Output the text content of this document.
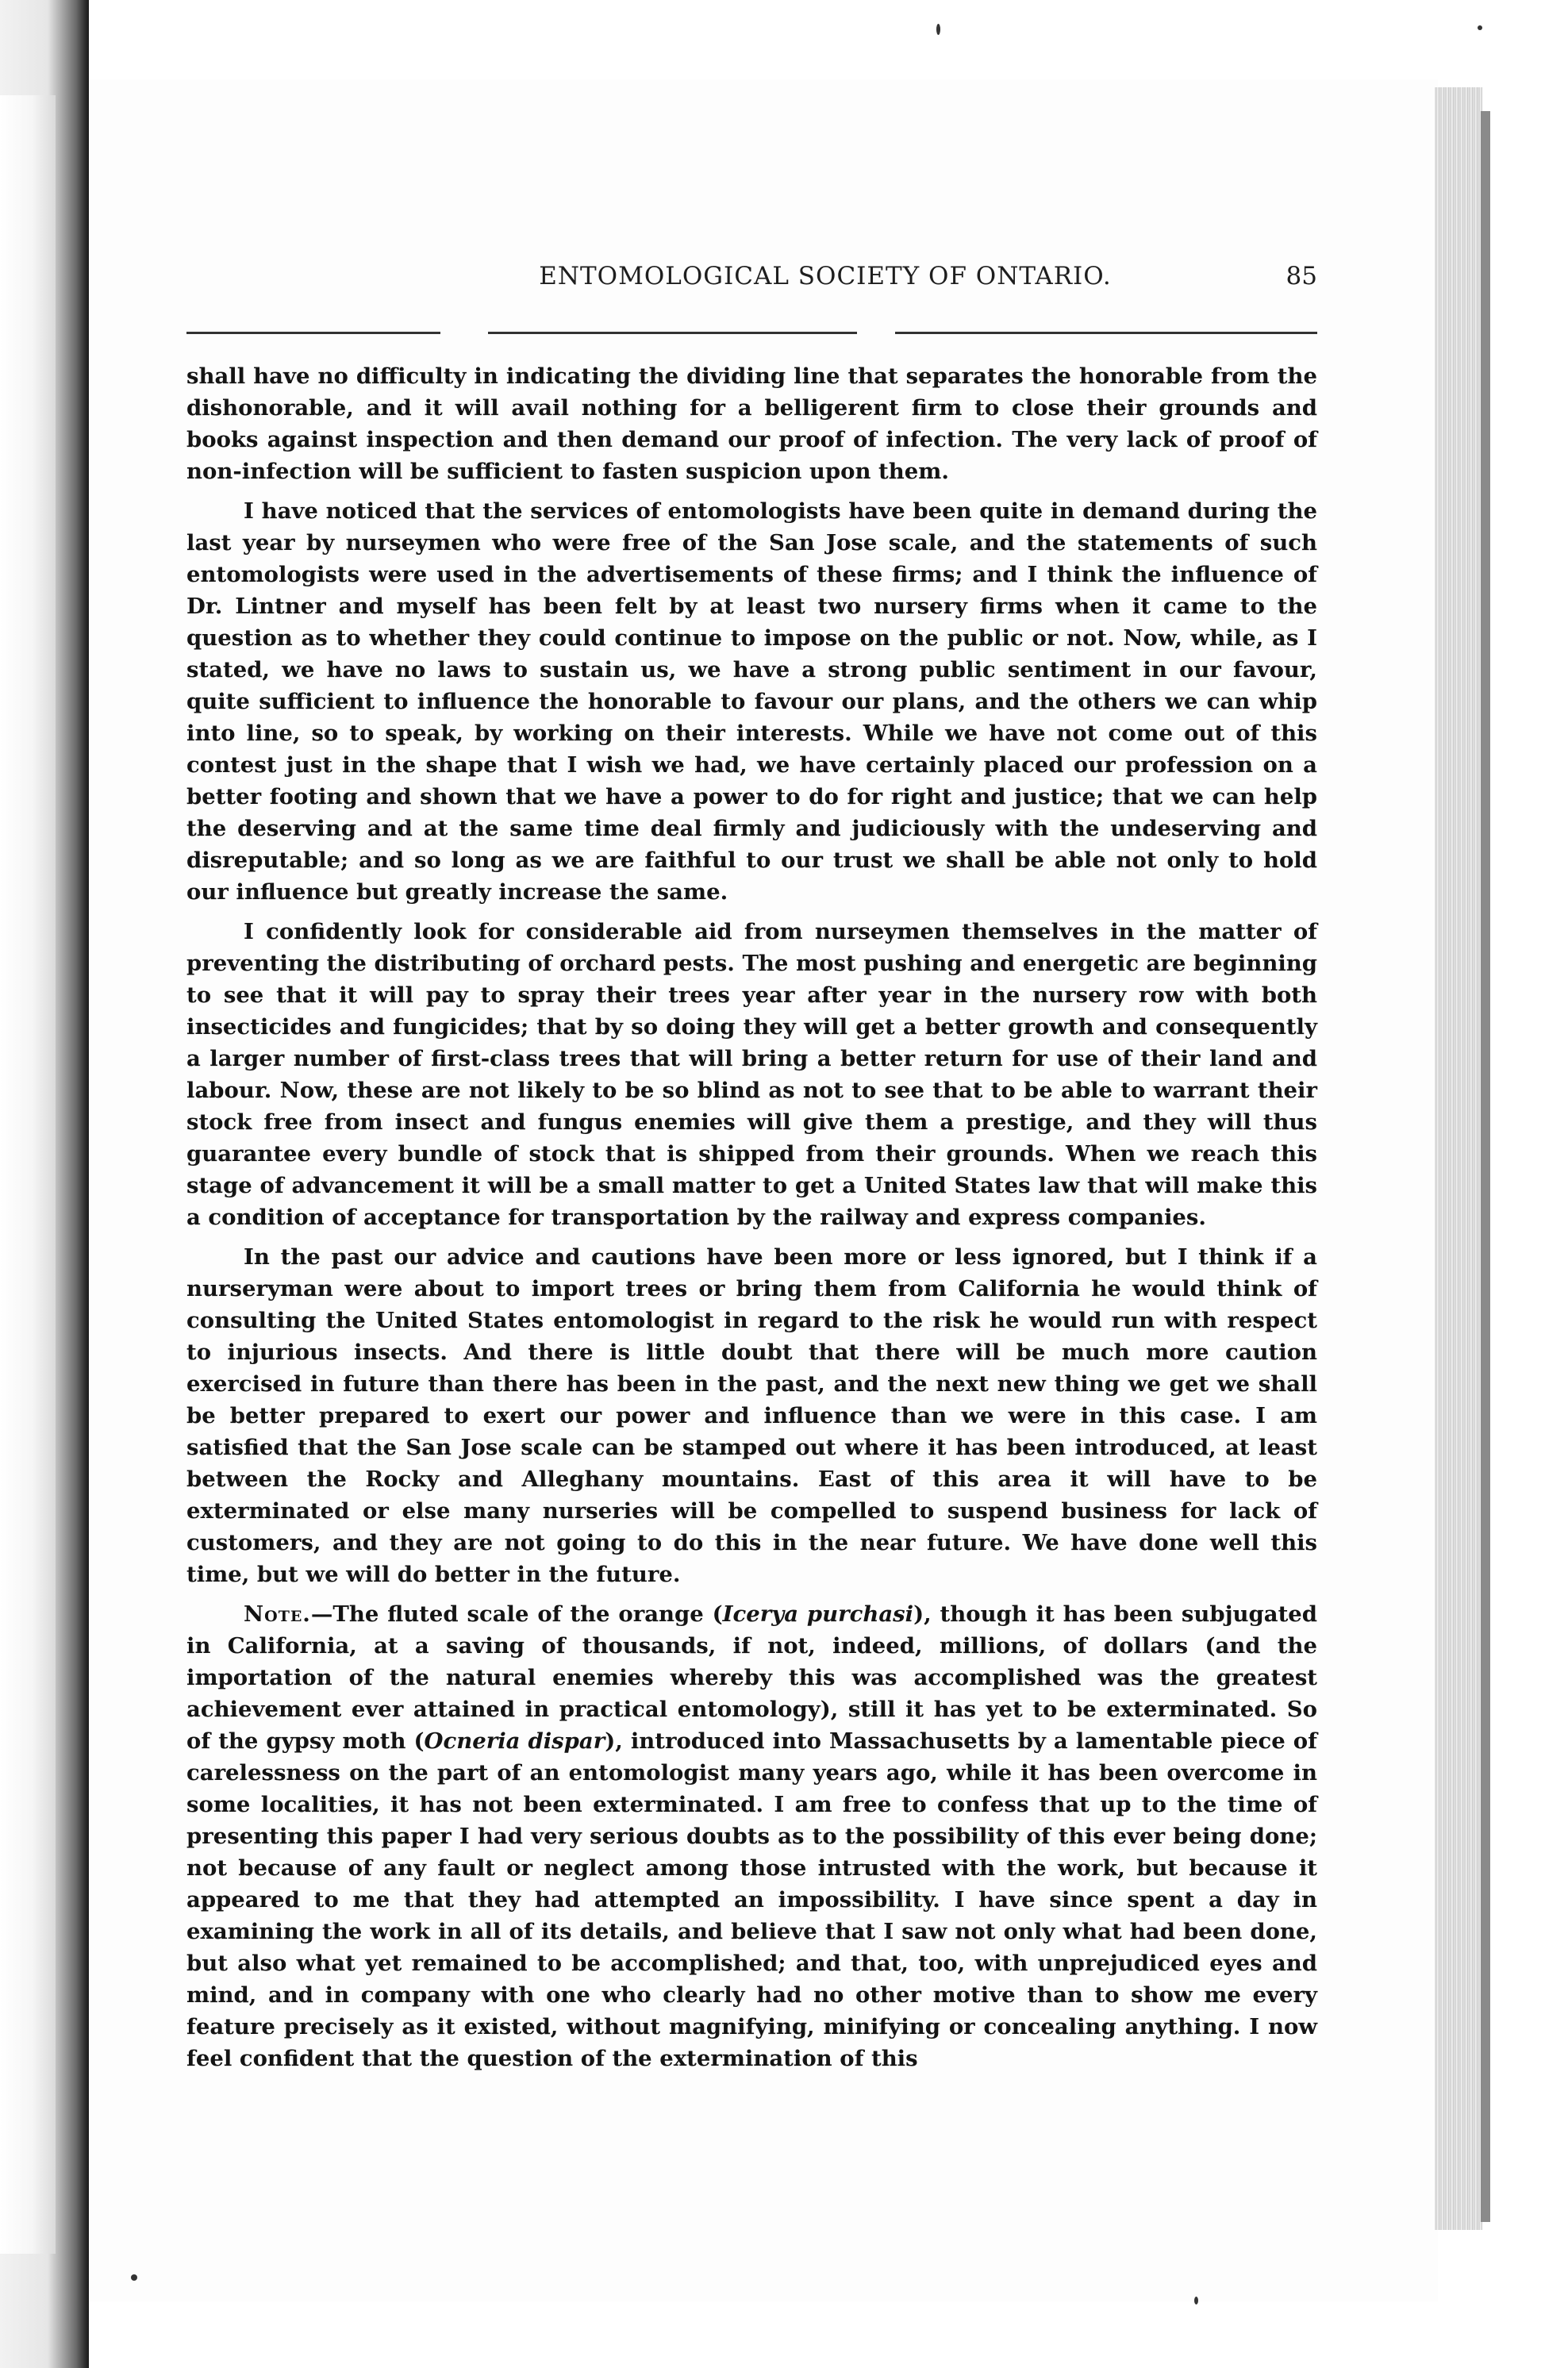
ENTOMOLOGICAL SOCIETY OF ONTARIO.	85

shall have no difficulty in indicating the dividing line that separates the honorable from the dishonorable, and it will avail nothing for a belligerent firm to close their grounds and books against inspection and then demand our proof of infection. The very lack of proof of non-infection will be sufficient to fasten suspicion upon them.

I have noticed that the services of entomologists have been quite in demand during the last year by nurseymen who were free of the San Jose scale, and the statements of such entomologists were used in the advertisements of these firms; and I think the influence of Dr. Lintner and myself has been felt by at least two nursery firms when it came to the question as to whether they could continue to impose on the public or not. Now, while, as I stated, we have no laws to sustain us, we have a strong public sentiment in our favour, quite sufficient to influence the honorable to favour our plans, and the others we can whip into line, so to speak, by working on their interests. While we have not come out of this contest just in the shape that I wish we had, we have certainly placed our profession on a better footing and shown that we have a power to do for right and justice; that we can help the deserving and at the same time deal firmly and judiciously with the undeserving and disreputable; and so long as we are faithful to our trust we shall be able not only to hold our influence but greatly increase the same.

I confidently look for considerable aid from nurseymen themselves in the matter of preventing the distributing of orchard pests. The most pushing and energetic are beginning to see that it will pay to spray their trees year after year in the nursery row with both insecticides and fungicides; that by so doing they will get a better growth and consequently a larger number of first-class trees that will bring a better return for use of their land and labour. Now, these are not likely to be so blind as not to see that to be able to warrant their stock free from insect and fungus enemies will give them a prestige, and they will thus guarantee every bundle of stock that is shipped from their grounds. When we reach this stage of advancement it will be a small matter to get a United States law that will make this a condition of acceptance for transportation by the railway and express companies.

In the past our advice and cautions have been more or less ignored, but I think if a nurseryman were about to import trees or bring them from California he would think of consulting the United States entomologist in regard to the risk he would run with respect to injurious insects. And there is little doubt that there will be much more caution exercised in future than there has been in the past, and the next new thing we get we shall be better prepared to exert our power and influence than we were in this case. I am satisfied that the San Jose scale can be stamped out where it has been introduced, at least between the Rocky and Alleghany mountains. East of this area it will have to be exterminated or else many nurseries will be compelled to suspend business for lack of customers, and they are not going to do this in the near future. We have done well this time, but we will do better in the future.

Note.—The fluted scale of the orange (Icerya purchasi), though it has been subjugated in California, at a saving of thousands, if not, indeed, millions, of dollars (and the importation of the natural enemies whereby this was accomplished was the greatest achievement ever attained in practical entomology), still it has yet to be exterminated. So of the gypsy moth (Ocneria dispar), introduced into Massachusetts by a lamentable piece of carelessness on the part of an entomologist many years ago, while it has been overcome in some localities, it has not been exterminated. I am free to confess that up to the time of presenting this paper I had very serious doubts as to the possibility of this ever being done; not because of any fault or neglect among those intrusted with the work, but because it appeared to me that they had attempted an impossibility. I have since spent a day in examining the work in all of its details, and believe that I saw not only what had been done, but also what yet remained to be accomplished; and that, too, with unprejudiced eyes and mind, and in company with one who clearly had no other motive than to show me every feature precisely as it existed, without magnifying, minifying or concealing anything. I now feel confident that the question of the extermination of this
